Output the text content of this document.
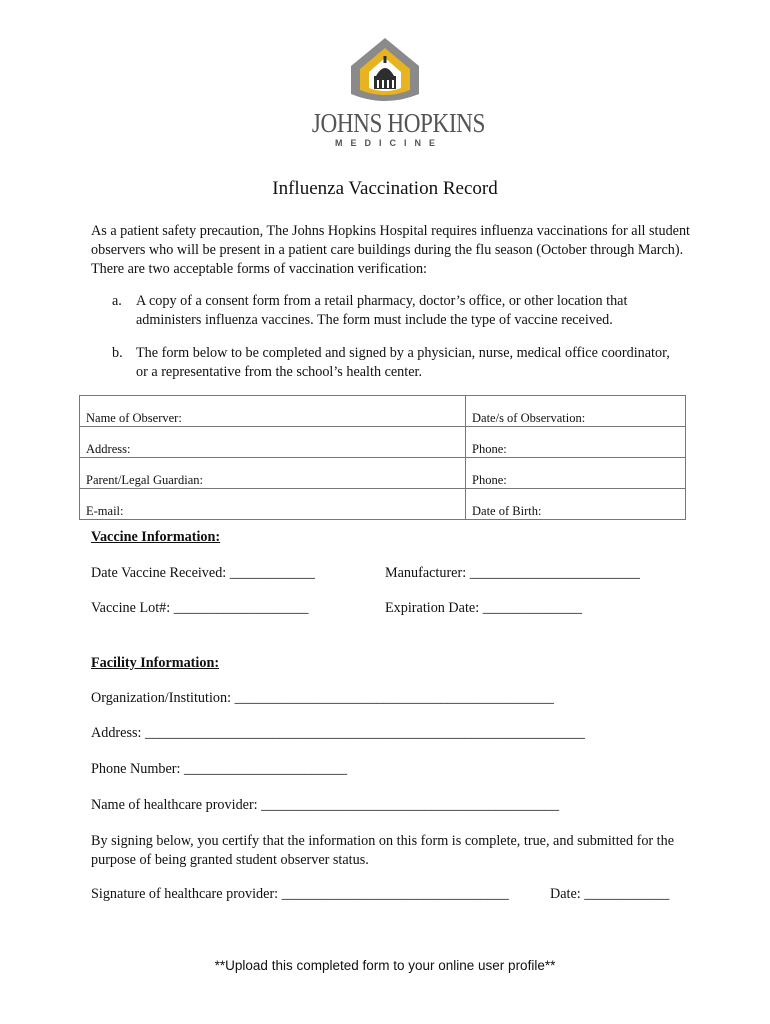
JOHNS HOPKINS
MEDICINE
Influenza Vaccination Record

As a patient safety precaution, The Johns Hopkins Hospital requires influenza vaccinations for all student observers who will be present in a patient care buildings during the flu season (October through March). There are two acceptable forms of vaccination verification:

a. A copy of a consent form from a retail pharmacy, doctor’s office, or other location that administers influenza vaccines. The form must include the type of vaccine received.
b. The form below to be completed and signed by a physician, nurse, medical office coordinator, or a representative from the school’s health center.
Name of Observer:	Date/s of Observation:
Address:	Phone:
Parent/Legal Guardian:	Phone:
E-mail:	Date of Birth:
Vaccine Information:
Date Vaccine Received: ____________	Manufacturer: ________________________
Vaccine Lot#: ___________________	Expiration Date: ______________
Facility Information:
Organization/Institution: _____________________________________________
Address: ______________________________________________________________
Phone Number: _______________________
Name of healthcare provider: __________________________________________

By signing below, you certify that the information on this form is complete, true, and submitted for the purpose of being granted student observer status.

Signature of healthcare provider: ________________________________	Date: ____________
**Upload this completed form to your online user profile**
